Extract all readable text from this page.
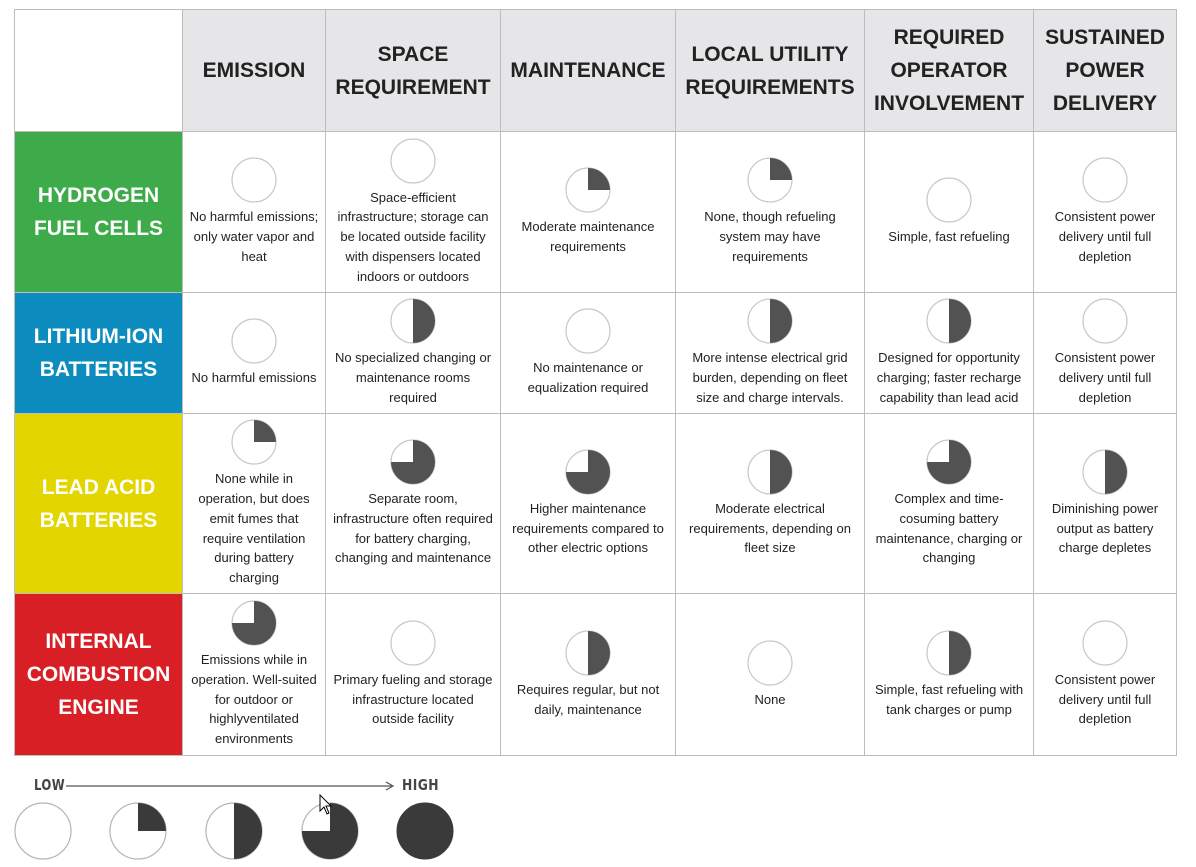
	EMISSION	SPACE REQUIREMENT	MAINTENANCE	LOCAL UTILITY REQUIREMENTS	REQUIRED OPERATOR INVOLVEMENT	SUSTAINED POWER DELIVERY
HYDROGEN FUEL CELLS	No harmful emissions; only water vapor and heat	Space-efficient infrastructure; storage can be located outside facility with dispensers located indoors or outdoors	Moderate maintenance requirements	None, though refueling system may have requirements	Simple, fast refueling	Consistent power delivery until full depletion

LITHIUM-ION BATTERIES	No harmful emissions	No specialized changing or maintenance rooms required	No maintenance or equalization required	More intense electrical grid burden, depending on fleet size and charge intervals.	Designed for opportunity charging; faster recharge capability than lead acid	Consistent power delivery until full depletion

LEAD ACID BATTERIES	None while in operation, but does emit fumes that require ventilation during battery charging	Separate room, infrastructure often required for battery charging, changing and maintenance	Higher maintenance requirements compared to other electric options	Moderate electrical requirements, depending on fleet size	Complex and time-cosuming battery maintenance, charging or changing	Diminishing power output as battery charge depletes

INTERNAL COMBUSTION ENGINE	Emissions while in operation. Well-suited for outdoor or highlyventilated environments	Primary fueling and storage infrastructure located outside facility	Requires regular, but not daily, maintenance	None	Simple, fast refueling with tank charges or pump	Consistent power delivery until full depletion
LOW	HIGH
